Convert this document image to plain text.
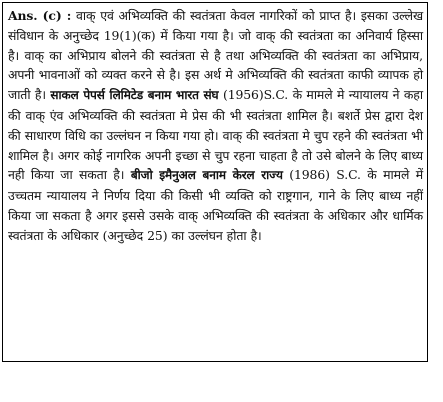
Ans. (c) : वाक् एवं अभिव्यक्ति की स्वतंत्रता केवल नागरिकों को प्राप्त है। इसका उल्लेख संविधान के अनुच्छेद 19(1)(क) में किया गया है। जो वाक् की स्वतंत्रता का अनिवार्य हिस्सा है। वाक् का अभिप्राय बोलने की स्वतंत्रता से है तथा अभिव्यक्ति की स्वतंत्रता का अभिप्राय, अपनी भावनाओं को व्यक्त करने से है। इस अर्थ मे अभिव्यक्ति की स्वतंत्रता काफी व्यापक हो जाती है। साकल पेपर्स लिमिटेड बनाम भारत संघ (1956)S.C. के मामले मे न्यायालय ने कहा की वाक् एंव अभिव्यक्ति की स्वतंत्रता मे प्रेस की भी स्वतंत्रता शामिल है। बशर्ते प्रेस द्वारा देश की साधारण विधि का उल्लंघन न किया गया हो। वाक् की स्वतंत्रता मे चुप रहने की स्वतंत्रता भी शामिल है। अगर कोई नागरिक अपनी इच्छा से चुप रहना चाहता है तो उसे बोलने के लिए बाध्य नही किया जा सकता है। बीजो इमैनुअल बनाम केरल राज्य (1986) S.C. के मामले में उच्चतम न्यायालय ने निर्णय दिया की किसी भी व्यक्ति को राष्ट्रगान, गाने के लिए बाध्य नहीं किया जा सकता है अगर इससे उसके वाक् अभिव्यक्ति की स्वतंत्रता के अधिकार और धार्मिक स्वतंत्रता के अधिकार (अनुच्छेद 25) का उल्लंघन होता है।
